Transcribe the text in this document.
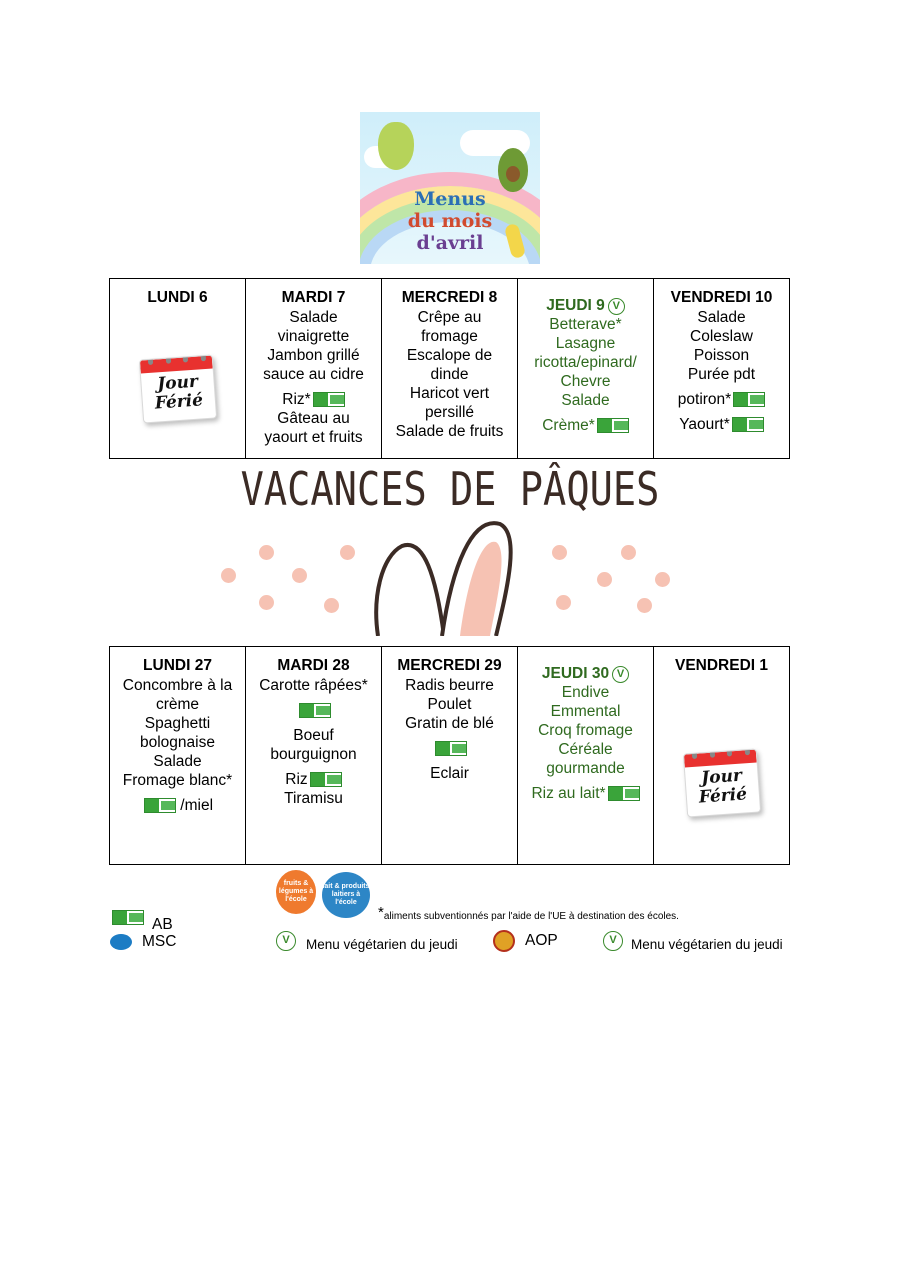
Menus
du mois
d'avril
LUNDI 6
Jour
Férié
MARDI 7
Salade
vinaigrette
Jambon grillé
sauce au cidre
Riz*
Gâteau au
yaourt et fruits
MERCREDI 8
Crêpe au
fromage
Escalope de
dinde
Haricot vert
persillé
Salade de fruits
JEUDI 9 V
Betterave*
Lasagne
ricotta/epinard/
Chevre
Salade
Crème*
VENDREDI 10
Salade
Coleslaw
Poisson
Purée pdt
potiron*
Yaourt*
VACANCES DE PÂQUES
LUNDI 27
Concombre à la
crème
Spaghetti
bolognaise
Salade
Fromage blanc*
/miel
MARDI 28
Carotte râpées*
Boeuf
bourguignon
Riz
Tiramisu
MERCREDI 29
Radis beurre
Poulet
Gratin de blé
Eclair
JEUDI 30 V
Endive
Emmental
Croq fromage
Céréale
gourmande
Riz au lait*
VENDREDI 1
Jour
Férié
AB
MSC
fruits & légumes à l'école
lait & produits laitiers à l'école
*aliments subventionnés par l'aide de l'UE à destination des écoles.
V	Menu végétarien du jeudi	AOP	V	Menu végétarien du jeudi
